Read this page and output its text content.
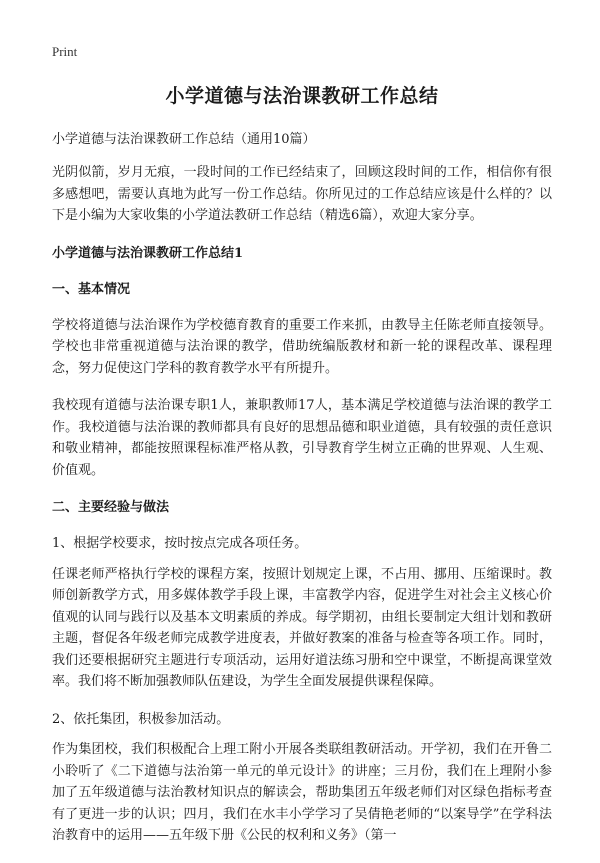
Print
小学道德与法治课教研工作总结
小学道德与法治课教研工作总结（通用10篇）
光阴似箭，岁月无痕，一段时间的工作已经结束了，回顾这段时间的工作，相信你有很多感想吧，需要认真地为此写一份工作总结。你所见过的工作总结应该是什么样的？以下是小编为大家收集的小学道法教研工作总结（精选6篇），欢迎大家分享。
小学道德与法治课教研工作总结1
一、基本情况
学校将道德与法治课作为学校德育教育的重要工作来抓，由教导主任陈老师直接领导。学校也非常重视道德与法治课的教学，借助统编版教材和新一轮的课程改革、课程理念，努力促使这门学科的教育教学水平有所提升。
我校现有道德与法治课专职1人，兼职教师17人，基本满足学校道德与法治课的教学工作。我校道德与法治课的教师都具有良好的思想品德和职业道德，具有较强的责任意识和敬业精神，都能按照课程标准严格从教，引导教育学生树立正确的世界观、人生观、价值观。
二、主要经验与做法
1、根据学校要求，按时按点完成各项任务。
任课老师严格执行学校的课程方案，按照计划规定上课，不占用、挪用、压缩课时。教师创新教学方式，用多媒体教学手段上课，丰富教学内容，促进学生对社会主义核心价值观的认同与践行以及基本文明素质的养成。每学期初，由组长要制定大组计划和教研主题，督促各年级老师完成教学进度表，并做好教案的准备与检查等各项工作。同时，我们还要根据研究主题进行专项活动，运用好道法练习册和空中课堂，不断提高课堂效率。我们将不断加强教师队伍建设，为学生全面发展提供课程保障。
2、依托集团，积极参加活动。
作为集团校，我们积极配合上理工附小开展各类联组教研活动。开学初，我们在开鲁二小聆听了《二下道德与法治第一单元的单元设计》的讲座；三月份，我们在上理附小参加了五年级道德与法治教材知识点的解读会，帮助集团五年级老师们对区绿色指标考查有了更进一步的认识；四月，我们在水丰小学学习了吴倩艳老师的“以案导学”在学科法治教育中的运用——五年级下册《公民的权利和义务》（第一
